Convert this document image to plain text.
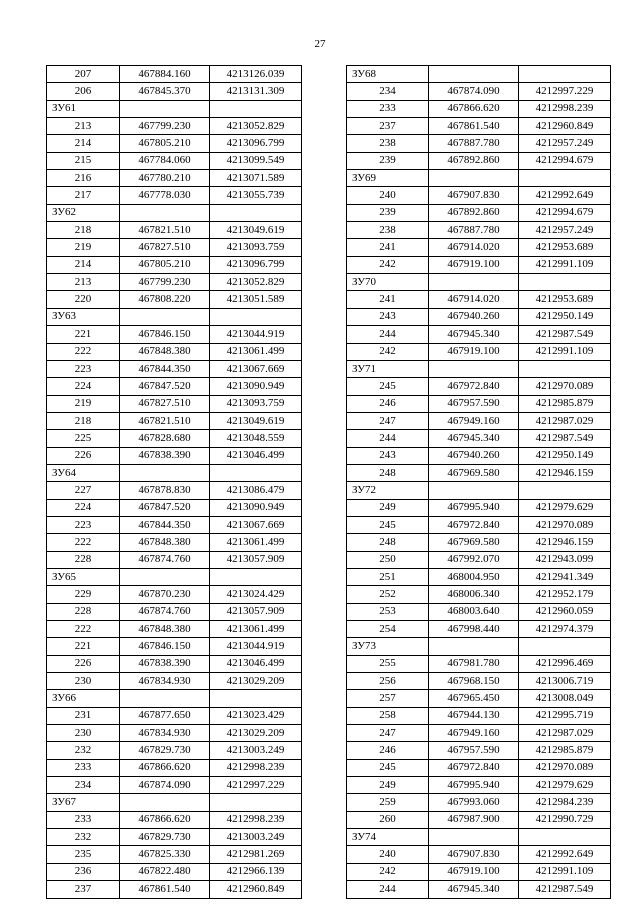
27
207	467884.160	4213126.039
206	467845.370	4213131.309
ЗУ61		
213	467799.230	4213052.829
214	467805.210	4213096.799
215	467784.060	4213099.549
216	467780.210	4213071.589
217	467778.030	4213055.739
ЗУ62		
218	467821.510	4213049.619
219	467827.510	4213093.759
214	467805.210	4213096.799
213	467799.230	4213052.829
220	467808.220	4213051.589
ЗУ63		
221	467846.150	4213044.919
222	467848.380	4213061.499
223	467844.350	4213067.669
224	467847.520	4213090.949
219	467827.510	4213093.759
218	467821.510	4213049.619
225	467828.680	4213048.559
226	467838.390	4213046.499
ЗУ64		
227	467878.830	4213086.479
224	467847.520	4213090.949
223	467844.350	4213067.669
222	467848.380	4213061.499
228	467874.760	4213057.909
ЗУ65		
229	467870.230	4213024.429
228	467874.760	4213057.909
222	467848.380	4213061.499
221	467846.150	4213044.919
226	467838.390	4213046.499
230	467834.930	4213029.209
ЗУ66		
231	467877.650	4213023.429
230	467834.930	4213029.209
232	467829.730	4213003.249
233	467866.620	4212998.239
234	467874.090	4212997.229
ЗУ67		
233	467866.620	4212998.239
232	467829.730	4213003.249
235	467825.330	4212981.269
236	467822.480	4212966.139
237	467861.540	4212960.849
ЗУ68		
234	467874.090	4212997.229
233	467866.620	4212998.239
237	467861.540	4212960.849
238	467887.780	4212957.249
239	467892.860	4212994.679
ЗУ69		
240	467907.830	4212992.649
239	467892.860	4212994.679
238	467887.780	4212957.249
241	467914.020	4212953.689
242	467919.100	4212991.109
ЗУ70		
241	467914.020	4212953.689
243	467940.260	4212950.149
244	467945.340	4212987.549
242	467919.100	4212991.109
ЗУ71		
245	467972.840	4212970.089
246	467957.590	4212985.879
247	467949.160	4212987.029
244	467945.340	4212987.549
243	467940.260	4212950.149
248	467969.580	4212946.159
ЗУ72		
249	467995.940	4212979.629
245	467972.840	4212970.089
248	467969.580	4212946.159
250	467992.070	4212943.099
251	468004.950	4212941.349
252	468006.340	4212952.179
253	468003.640	4212960.059
254	467998.440	4212974.379
ЗУ73		
255	467981.780	4212996.469
256	467968.150	4213006.719
257	467965.450	4213008.049
258	467944.130	4212995.719
247	467949.160	4212987.029
246	467957.590	4212985.879
245	467972.840	4212970.089
249	467995.940	4212979.629
259	467993.060	4212984.239
260	467987.900	4212990.729
ЗУ74		
240	467907.830	4212992.649
242	467919.100	4212991.109
244	467945.340	4212987.549
